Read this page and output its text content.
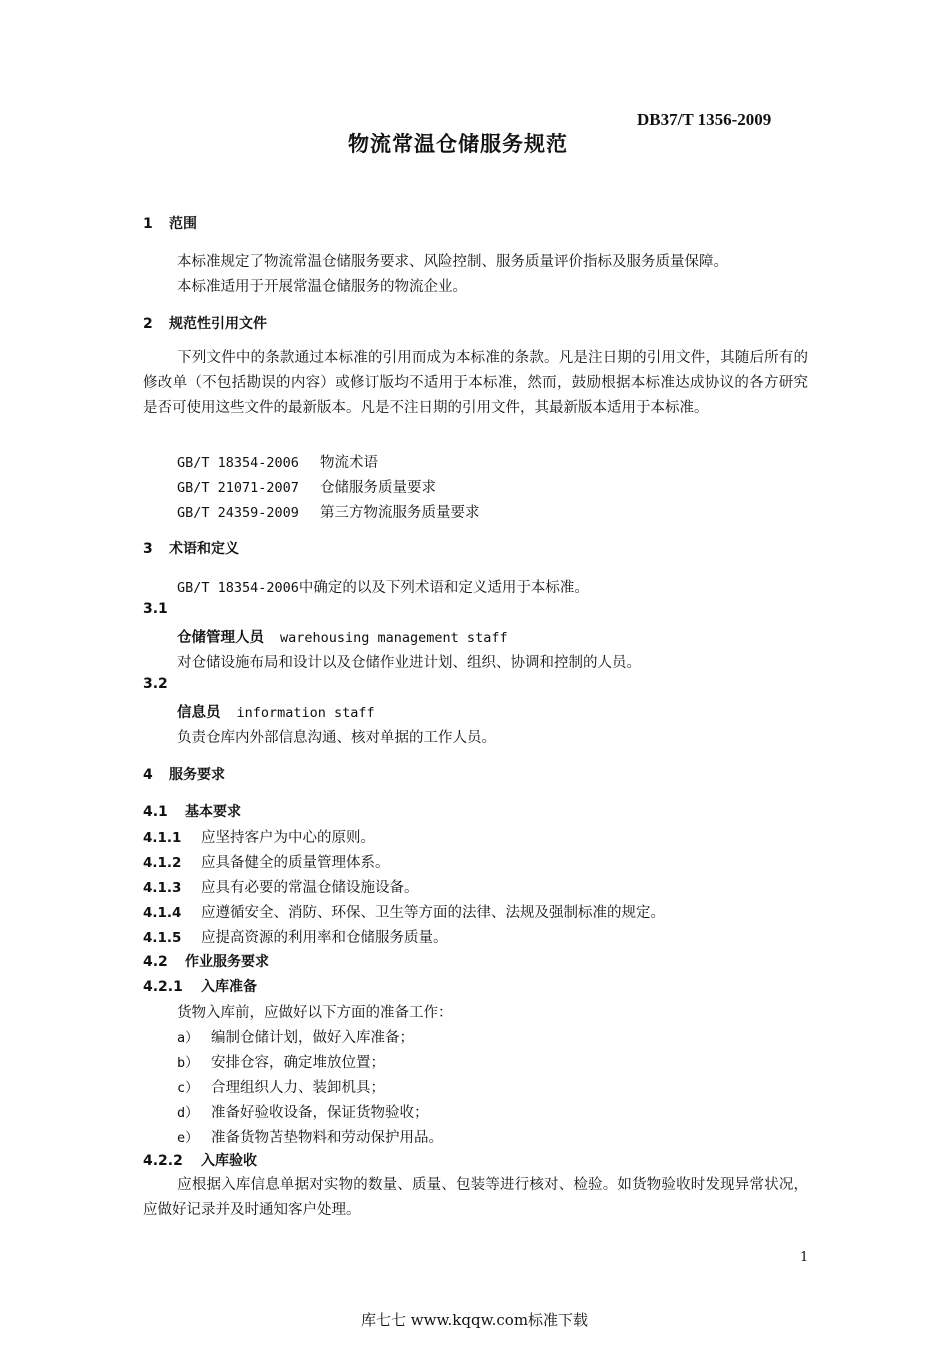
DB37/T 1356-2009
物流常温仓储服务规范
1 范围
本标准规定了物流常温仓储服务要求、风险控制、服务质量评价指标及服务质量保障。
本标准适用于开展常温仓储服务的物流企业。
2 规范性引用文件
下列文件中的条款通过本标准的引用而成为本标准的条款。凡是注日期的引用文件，其随后所有的修改单（不包括勘误的内容）或修订版均不适用于本标准，然而，鼓励根据本标准达成协议的各方研究是否可使用这些文件的最新版本。凡是不注日期的引用文件，其最新版本适用于本标准。
GB/T 18354-2006 物流术语
GB/T 21071-2007 仓储服务质量要求
GB/T 24359-2009 第三方物流服务质量要求
3 术语和定义
GB/T 18354-2006中确定的以及下列术语和定义适用于本标准。
3.1
仓储管理人员 warehousing management staff
对仓储设施布局和设计以及仓储作业进计划、组织、协调和控制的人员。
3.2
信息员 information staff
负责仓库内外部信息沟通、核对单据的工作人员。
4 服务要求
4.1 基本要求
4.1.1 应坚持客户为中心的原则。
4.1.2 应具备健全的质量管理体系。
4.1.3 应具有必要的常温仓储设施设备。
4.1.4 应遵循安全、消防、环保、卫生等方面的法律、法规及强制标准的规定。
4.1.5 应提高资源的利用率和仓储服务质量。
4.2 作业服务要求
4.2.1 入库准备
货物入库前，应做好以下方面的准备工作：
a） 编制仓储计划，做好入库准备；
b） 安排仓容，确定堆放位置；
c） 合理组织人力、装卸机具；
d） 准备好验收设备，保证货物验收；
e） 准备货物苫垫物料和劳动保护用品。
4.2.2 入库验收
应根据入库信息单据对实物的数量、质量、包装等进行核对、检验。如货物验收时发现异常状况，应做好记录并及时通知客户处理。
1
库七七 www.kqqw.com标准下载
